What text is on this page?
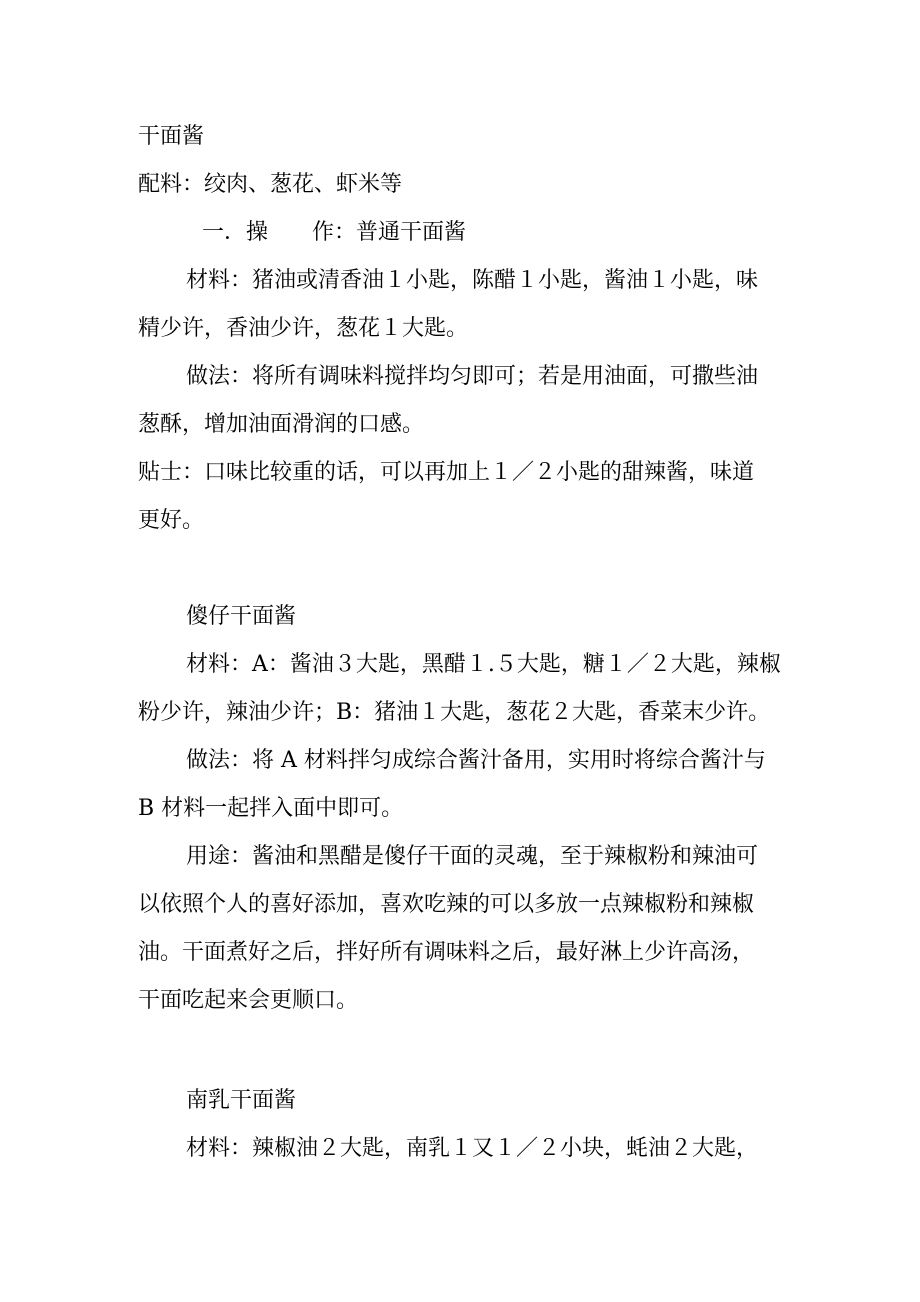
干面酱
配料：绞肉、葱花、虾米等
一．操　　作：普通干面酱
材料：猪油或清香油１小匙，陈醋１小匙，酱油１小匙，味
精少许，香油少许，葱花１大匙。
做法：将所有调味料搅拌均匀即可；若是用油面，可撒些油
葱酥，增加油面滑润的口感。
贴士：口味比较重的话，可以再加上１／２小匙的甜辣酱，味道
更好。
傻仔干面酱
材料：A：酱油３大匙，黑醋１.５大匙，糖１／２大匙，辣椒
粉少许，辣油少许；B：猪油１大匙，葱花２大匙，香菜末少许。
做法：将 A 材料拌匀成综合酱汁备用，实用时将综合酱汁与
B 材料一起拌入面中即可。
用途：酱油和黑醋是傻仔干面的灵魂，至于辣椒粉和辣油可
以依照个人的喜好添加，喜欢吃辣的可以多放一点辣椒粉和辣椒
油。干面煮好之后，拌好所有调味料之后，最好淋上少许高汤，
干面吃起来会更顺口。
南乳干面酱
材料：辣椒油２大匙，南乳１又１／２小块，蚝油２大匙，
